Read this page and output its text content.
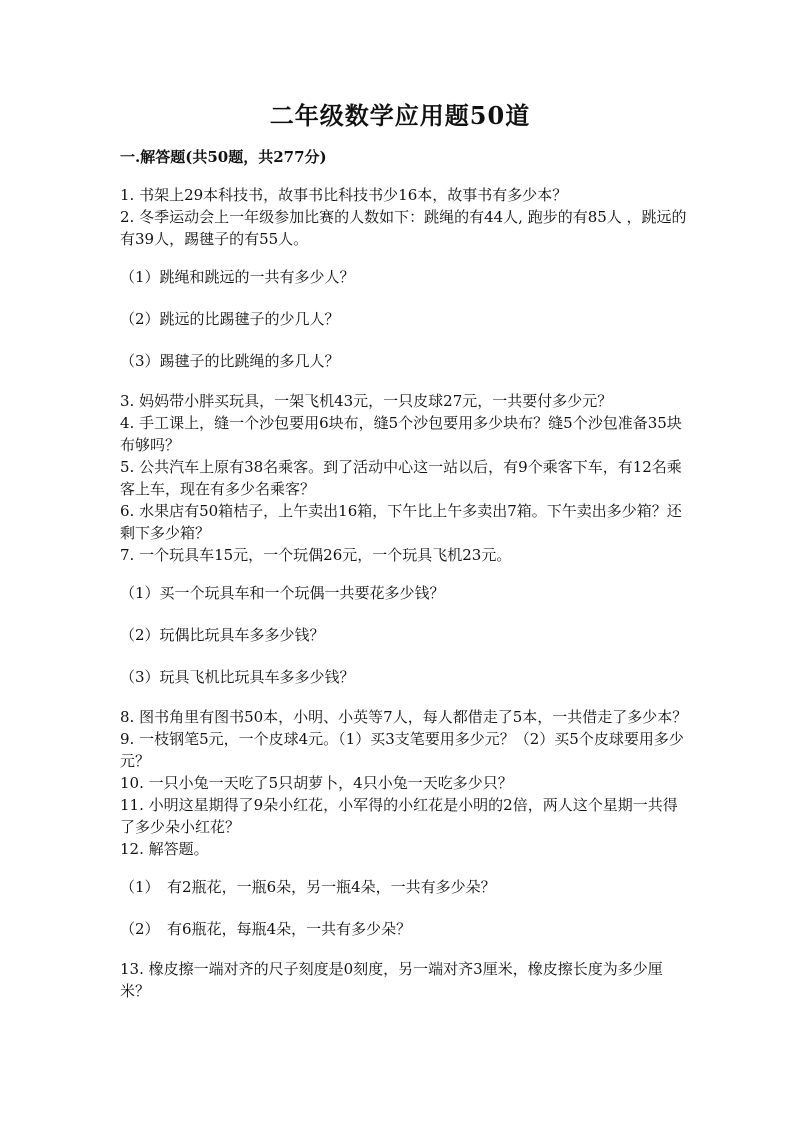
二年级数学应用题50道
一.解答题(共50题，共277分)

1. 书架上29本科技书，故事书比科技书少16本，故事书有多少本？

2. 冬季运动会上一年级参加比赛的人数如下：跳绳的有44人, 跑步的有85人 ，跳远的有39人，踢毽子的有55人。

（1）跳绳和跳远的一共有多少人？

（2）跳远的比踢毽子的少几人？

（3）踢毽子的比跳绳的多几人？

3. 妈妈带小胖买玩具，一架飞机43元，一只皮球27元，一共要付多少元？

4. 手工课上，缝一个沙包要用6块布，缝5个沙包要用多少块布？缝5个沙包准备35块布够吗？

5. 公共汽车上原有38名乘客。到了活动中心这一站以后，有9个乘客下车，有12名乘客上车，现在有多少名乘客？

6. 水果店有50箱桔子，上午卖出16箱，下午比上午多卖出7箱。下午卖出多少箱？还剩下多少箱？

7. 一个玩具车15元，一个玩偶26元，一个玩具飞机23元。

（1）买一个玩具车和一个玩偶一共要花多少钱？

（2）玩偶比玩具车多多少钱？

（3）玩具飞机比玩具车多多少钱？

8. 图书角里有图书50本，小明、小英等7人，每人都借走了5本，一共借走了多少本？

9. 一枝钢笔5元，一个皮球4元。（1）买3支笔要用多少元？（2）买5个皮球要用多少元？

10. 一只小兔一天吃了5只胡萝卜，4只小兔一天吃多少只？

11. 小明这星期得了9朵小红花，小军得的小红花是小明的2倍，两人这个星期一共得了多少朵小红花？

12. 解答题。

（1）　有2瓶花，一瓶6朵，另一瓶4朵，一共有多少朵？

（2）　有6瓶花，每瓶4朵，一共有多少朵？

13. 橡皮擦一端对齐的尺子刻度是0刻度，另一端对齐3厘米，橡皮擦长度为多少厘米？
